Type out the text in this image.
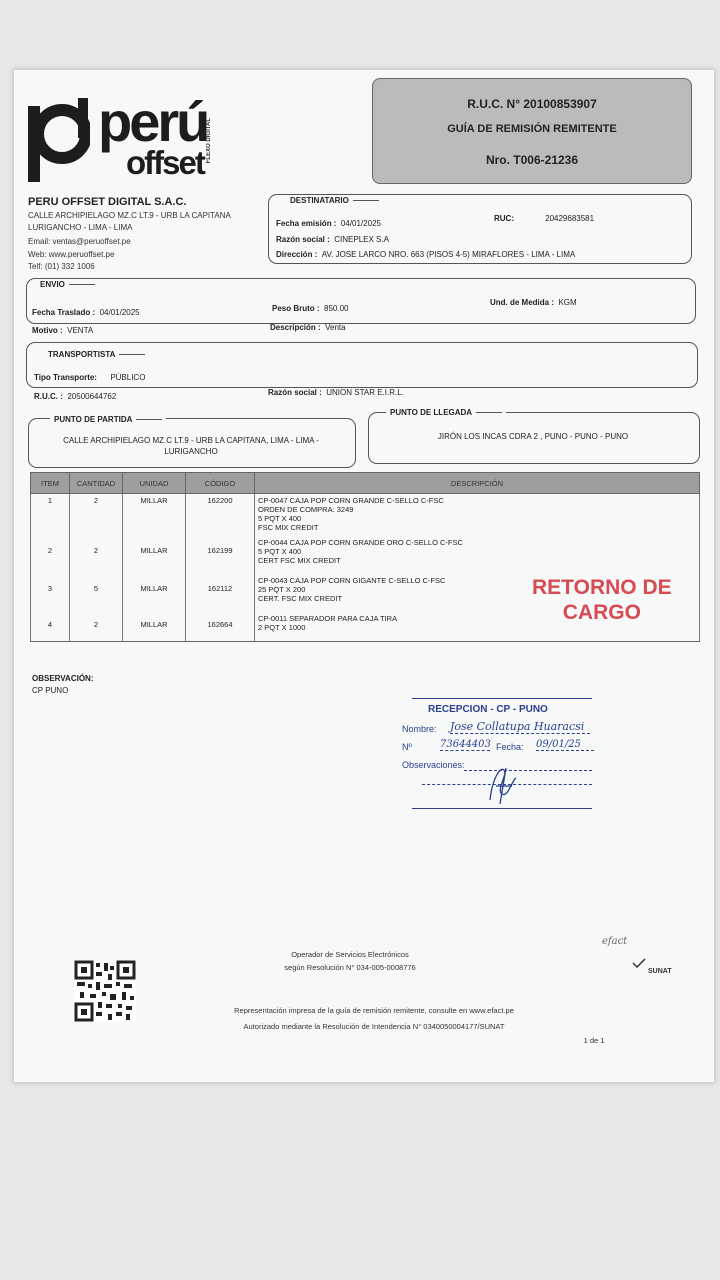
perú
offset FLEXO DIGITAL
R.U.C. N° 20100853907
GUÍA DE REMISIÓN REMITENTE
Nro. T006-21236
PERU OFFSET DIGITAL S.A.C.
CALLE ARCHIPIELAGO MZ.C LT.9 - URB LA CAPITANA
LURIGANCHO - LIMA - LIMA
Email: ventas@peruoffset.pe
Web: www.peruoffset.pe
Telf: (01) 332 1006
DESTINATARIO
Fecha emisión : 04/01/2025
RUC:	20429683581
Razón social : CINEPLEX S.A
Dirección : AV. JOSE LARCO NRO. 663 (PISOS 4-5) MIRAFLORES - LIMA - LIMA
ENVIO
Fecha Traslado : 04/01/2025	Peso Bruto : 850.00
Und. de Medida : KGM
Motivo : VENTA	Descripción : Venta
TRANSPORTISTA
Tipo Transporte: PÚBLICO
R.U.C. : 20500644762	Razón social : UNION STAR E.I.R.L.
PUNTO DE PARTIDA
CALLE ARCHIPIELAGO MZ.C LT.9 - URB LA CAPITANA, LIMA - LIMA -
LURIGANCHO
PUNTO DE LLEGADA
JIRÓN LOS INCAS CDRA 2 , PUNO - PUNO - PUNO
ITEM	CANTIDAD	UNIDAD	CÓDIGO	DESCRIPCIÓN
1	2	MILLAR	162200	CP-0047 CAJA POP CORN GRANDE C-SELLO C-FSC
ORDEN DE COMPRA: 3249
5 PQT X 400
FSC MIX CREDIT

2	2	MILLAR	162199	CP-0044 CAJA POP CORN GRANDE ORO C-SELLO C-FSC
5 PQT X 400
CERT FSC MIX CREDIT

3	5	MILLAR	162112	CP-0043 CAJA POP CORN GIGANTE C-SELLO C-FSC
25 PQT X 200
CERT. FSC MIX CREDIT

4	2	MILLAR	162664	CP-0011 SEPARADOR PARA CAJA TIRA
2 PQT X 1000
RETORNO DE
CARGO
OBSERVACIÓN:
CP PUNO
RECEPCION - CP - PUNO
Nombre: Jose Collatupa Huaracsi
Nº	73644403 Fecha: 09/01/25
Observaciones:
Operador de Servicios Electrónicos
según Resolución N° 034-005-0008776
efact
SUNAT
Representación impresa de la guía de remisión remitente, consulte en www.efact.pe
Autorizado mediante la Resolución de Intendencia N° 0340050004177/SUNAT
1 de 1
